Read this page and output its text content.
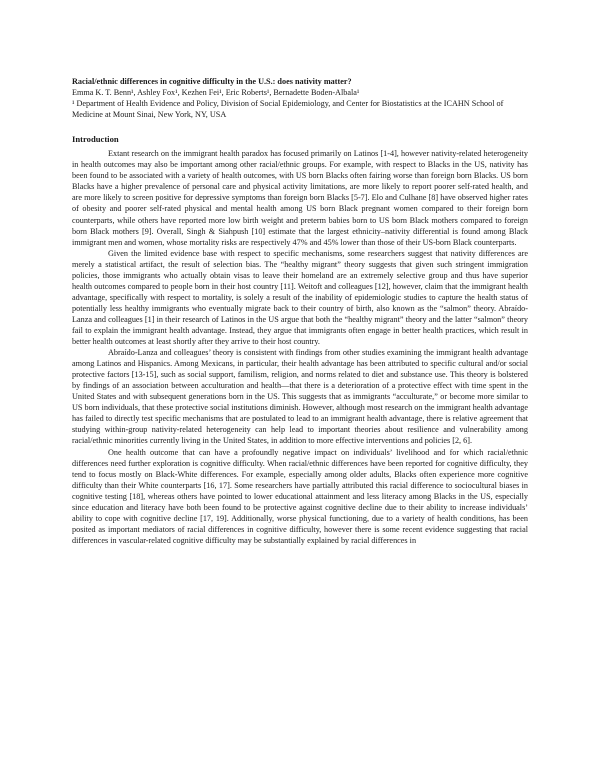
Racial/ethnic differences in cognitive difficulty in the U.S.: does nativity matter?

Emma K. T. Benn¹, Ashley Fox¹, Kezhen Fei¹, Eric Roberts¹, Bernadette Boden-Albala¹

¹ Department of Health Evidence and Policy, Division of Social Epidemiology, and Center for Biostatistics at the ICAHN School of Medicine at Mount Sinai, New York, NY, USA

Introduction

Extant research on the immigrant health paradox has focused primarily on Latinos [1-4], however nativity-related heterogeneity in health outcomes may also be important among other racial/ethnic groups. For example, with respect to Blacks in the US, nativity has been found to be associated with a variety of health outcomes, with US born Blacks often fairing worse than foreign born Blacks. US born Blacks have a higher prevalence of personal care and physical activity limitations, are more likely to report poorer self-rated health, and are more likely to screen positive for depressive symptoms than foreign born Blacks [5-7]. Elo and Culhane [8] have observed higher rates of obesity and poorer self-rated physical and mental health among US born Black pregnant women compared to their foreign born counterparts, while others have reported more low birth weight and preterm babies born to US born Black mothers compared to foreign born Black mothers [9]. Overall, Singh & Siahpush [10] estimate that the largest ethnicity–nativity differential is found among Black immigrant men and women, whose mortality risks are respectively 47% and 45% lower than those of their US-born Black counterparts.

Given the limited evidence base with respect to specific mechanisms, some researchers suggest that nativity differences are merely a statistical artifact, the result of selection bias. The “healthy migrant” theory suggests that given such stringent immigration policies, those immigrants who actually obtain visas to leave their homeland are an extremely selective group and thus have superior health outcomes compared to people born in their host country [11]. Weitoft and colleagues [12], however, claim that the immigrant health advantage, specifically with respect to mortality, is solely a result of the inability of epidemiologic studies to capture the health status of potentially less healthy immigrants who eventually migrate back to their country of birth, also known as the “salmon” theory. Abraído-Lanza and colleagues [1] in their research of Latinos in the US argue that both the “healthy migrant” theory and the latter “salmon” theory fail to explain the immigrant health advantage. Instead, they argue that immigrants often engage in better health practices, which result in better health outcomes at least shortly after they arrive to their host country.

Abraído-Lanza and colleagues’ theory is consistent with findings from other studies examining the immigrant health advantage among Latinos and Hispanics. Among Mexicans, in particular, their health advantage has been attributed to specific cultural and/or social protective factors [13-15], such as social support, familism, religion, and norms related to diet and substance use. This theory is bolstered by findings of an association between acculturation and health—that there is a deterioration of a protective effect with time spent in the United States and with subsequent generations born in the US. This suggests that as immigrants “acculturate,” or become more similar to US born individuals, that these protective social institutions diminish. However, although most research on the immigrant health advantage has failed to directly test specific mechanisms that are postulated to lead to an immigrant health advantage, there is relative agreement that studying within-group nativity-related heterogeneity can help lead to important theories about resilience and vulnerability among racial/ethnic minorities currently living in the United States, in addition to more effective interventions and policies [2, 6].

One health outcome that can have a profoundly negative impact on individuals’ livelihood and for which racial/ethnic differences need further exploration is cognitive difficulty. When racial/ethnic differences have been reported for cognitive difficulty, they tend to focus mostly on Black-White differences. For example, especially among older adults, Blacks often experience more cognitive difficulty than their White counterparts [16, 17]. Some researchers have partially attributed this racial difference to sociocultural biases in cognitive testing [18], whereas others have pointed to lower educational attainment and less literacy among Blacks in the US, especially since education and literacy have both been found to be protective against cognitive decline due to their ability to increase individuals’ ability to cope with cognitive decline [17, 19]. Additionally, worse physical functioning, due to a variety of health conditions, has been posited as important mediators of racial differences in cognitive difficulty, however there is some recent evidence suggesting that racial differences in vascular-related cognitive difficulty may be substantially explained by racial differences in
